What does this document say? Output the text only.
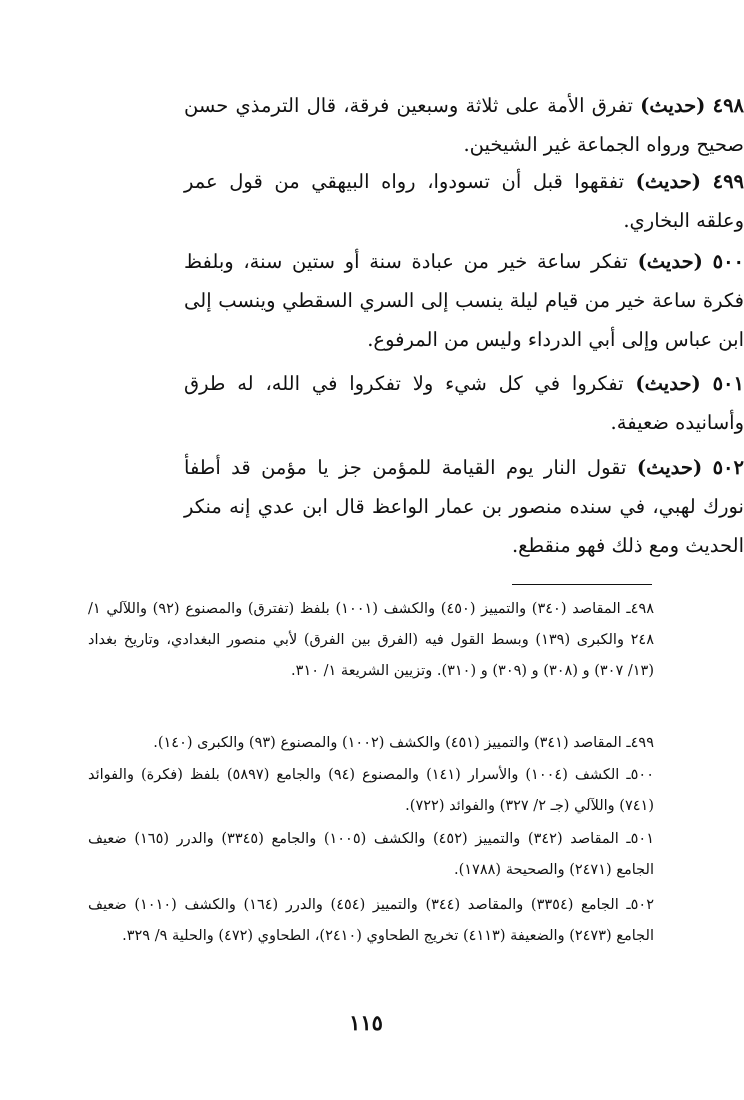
٤٩٨ (حديث) تفرق الأمة على ثلاثة وسبعين فرقة، قال الترمذي حسن صحيح ورواه الجماعة غير الشيخين.

٤٩٩ (حديث) تفقهوا قبل أن تسودوا، رواه البيهقي من قول عمر وعلقه البخاري.

٥٠٠ (حديث) تفكر ساعة خير من عبادة سنة أو ستين سنة، وبلفظ فكرة ساعة خير من قيام ليلة ينسب إلى السري السقطي وينسب إلى ابن عباس وإلى أبي الدرداء وليس من المرفوع.

٥٠١ (حديث) تفكروا في كل شيء ولا تفكروا في الله، له طرق وأسانيده ضعيفة.

٥٠٢ (حديث) تقول النار يوم القيامة للمؤمن جز يا مؤمن قد أطفأ نورك لهبي، في سنده منصور بن عمار الواعظ قال ابن عدي إنه منكر الحديث ومع ذلك فهو منقطع.

٤٩٨ـ المقاصد (٣٤٠) والتمييز (٤٥٠) والكشف (١٠٠١) بلفظ (تفترق) والمصنوع (٩٢) واللآلي ١/ ٢٤٨ والكبرى (١٣٩) وبسط القول فيه (الفرق بين الفرق) لأبي منصور البغدادي، وتاريخ بغداد (١٣/ ٣٠٧) و (٣٠٨) و (٣٠٩) و (٣١٠). وتزيين الشريعة ١/ ٣١٠.

٤٩٩ـ المقاصد (٣٤١) والتمييز (٤٥١) والكشف (١٠٠٢) والمصنوع (٩٣) والكبرى (١٤٠).

٥٠٠ـ الكشف (١٠٠٤) والأسرار (١٤١) والمصنوع (٩٤) والجامع (٥٨٩٧) بلفظ (فكرة) والفوائد (٧٤١) واللآلي (جـ ٢/ ٣٢٧) والفوائد (٧٢٢).

٥٠١ـ المقاصد (٣٤٢) والتمييز (٤٥٢) والكشف (١٠٠٥) والجامع (٣٣٤٥) والدرر (١٦٥) ضعيف الجامع (٢٤٧١) والصحيحة (١٧٨٨).

٥٠٢ـ الجامع (٣٣٥٤) والمقاصد (٣٤٤) والتمييز (٤٥٤) والدرر (١٦٤) والكشف (١٠١٠) ضعيف الجامع (٢٤٧٣) والضعيفة (٤١١٣) تخريج الطحاوي (٢٤١٠)، الطحاوي (٤٧٢) والحلية ٩/ ٣٢٩.

١١٥
